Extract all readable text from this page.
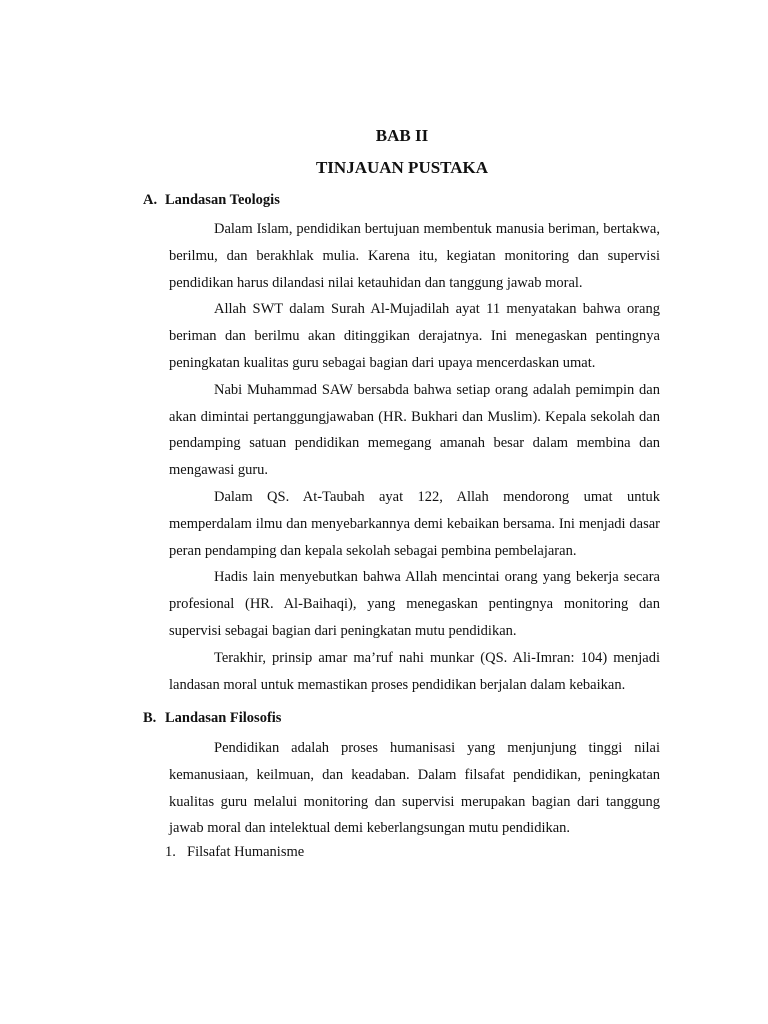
BAB II
TINJAUAN PUSTAKA
A. Landasan Teologis

Dalam Islam, pendidikan bertujuan membentuk manusia beriman, bertakwa, berilmu, dan berakhlak mulia. Karena itu, kegiatan monitoring dan supervisi pendidikan harus dilandasi nilai ketauhidan dan tanggung jawab moral.

Allah SWT dalam Surah Al-Mujadilah ayat 11 menyatakan bahwa orang beriman dan berilmu akan ditinggikan derajatnya. Ini menegaskan pentingnya peningkatan kualitas guru sebagai bagian dari upaya mencerdaskan umat.

Nabi Muhammad SAW bersabda bahwa setiap orang adalah pemimpin dan akan dimintai pertanggungjawaban (HR. Bukhari dan Muslim). Kepala sekolah dan pendamping satuan pendidikan memegang amanah besar dalam membina dan mengawasi guru.

Dalam QS. At-Taubah ayat 122, Allah mendorong umat untuk memperdalam ilmu dan menyebarkannya demi kebaikan bersama. Ini menjadi dasar peran pendamping dan kepala sekolah sebagai pembina pembelajaran.

Hadis lain menyebutkan bahwa Allah mencintai orang yang bekerja secara profesional (HR. Al-Baihaqi), yang menegaskan pentingnya monitoring dan supervisi sebagai bagian dari peningkatan mutu pendidikan.

Terakhir, prinsip amar ma’ruf nahi munkar (QS. Ali-Imran: 104) menjadi landasan moral untuk memastikan proses pendidikan berjalan dalam kebaikan.

B. Landasan Filosofis

Pendidikan adalah proses humanisasi yang menjunjung tinggi nilai kemanusiaan, keilmuan, dan keadaban. Dalam filsafat pendidikan, peningkatan kualitas guru melalui monitoring dan supervisi merupakan bagian dari tanggung jawab moral dan intelektual demi keberlangsungan mutu pendidikan.

1. Filsafat Humanisme
